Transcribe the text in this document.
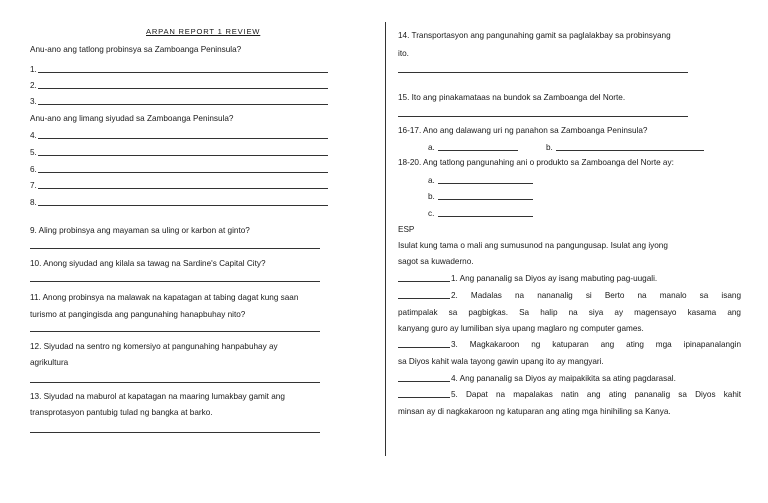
ARPAN REPORT 1 REVIEW
Anu-ano ang tatlong probinsya sa Zamboanga Peninsula?
1.
2.
3.
Anu-ano ang limang siyudad sa Zamboanga Peninsula?
4.
5.
6.
7.
8.
9. Aling probinsya ang mayaman sa uling or karbon at ginto?
10. Anong siyudad ang kilala sa tawag na Sardine's Capital City?
11. Anong probinsya na malawak na kapatagan at tabing dagat kung saan
turismo at pangingisda ang pangunahing hanapbuhay nito?
12. Siyudad na sentro ng komersiyo at pangunahing hanpabuhay ay
agrikultura
13. Siyudad na maburol at kapatagan na maaring lumakbay gamit ang
transprotasyon pantubig tulad ng bangka at barko.
14. Transportasyon ang pangunahing gamit sa paglalakbay sa probinsyang
ito.
15. Ito ang pinakamataas na bundok sa Zamboanga del Norte.
16-17. Ano ang dalawang uri ng panahon sa Zamboanga Peninsula?
a.	b.
18-20. Ang tatlong pangunahing ani o produkto sa Zamboanga del Norte ay:
a.
b.
c.
ESP
Isulat kung tama o mali ang sumusunod na pangungusap. Isulat ang iyong
sagot sa kuwaderno.
1. Ang pananalig sa Diyos ay isang mabuting pag-uugali.
2. Madalas na nananalig si Berto na manalo sa isang
patimpalak sa pagbigkas. Sa halip na siya ay magensayo kasama ang
kanyang guro ay lumiliban siya upang maglaro ng computer games.
3. Magkakaroon ng katuparan ang ating mga ipinapanalangin
sa Diyos kahit wala tayong gawin upang ito ay mangyari.
4. Ang pananalig sa Diyos ay maipakikita sa ating pagdarasal.
5. Dapat na mapalakas natin ang ating pananalig sa Diyos kahit
minsan ay di nagkakaroon ng katuparan ang ating mga hinihiling sa Kanya.
